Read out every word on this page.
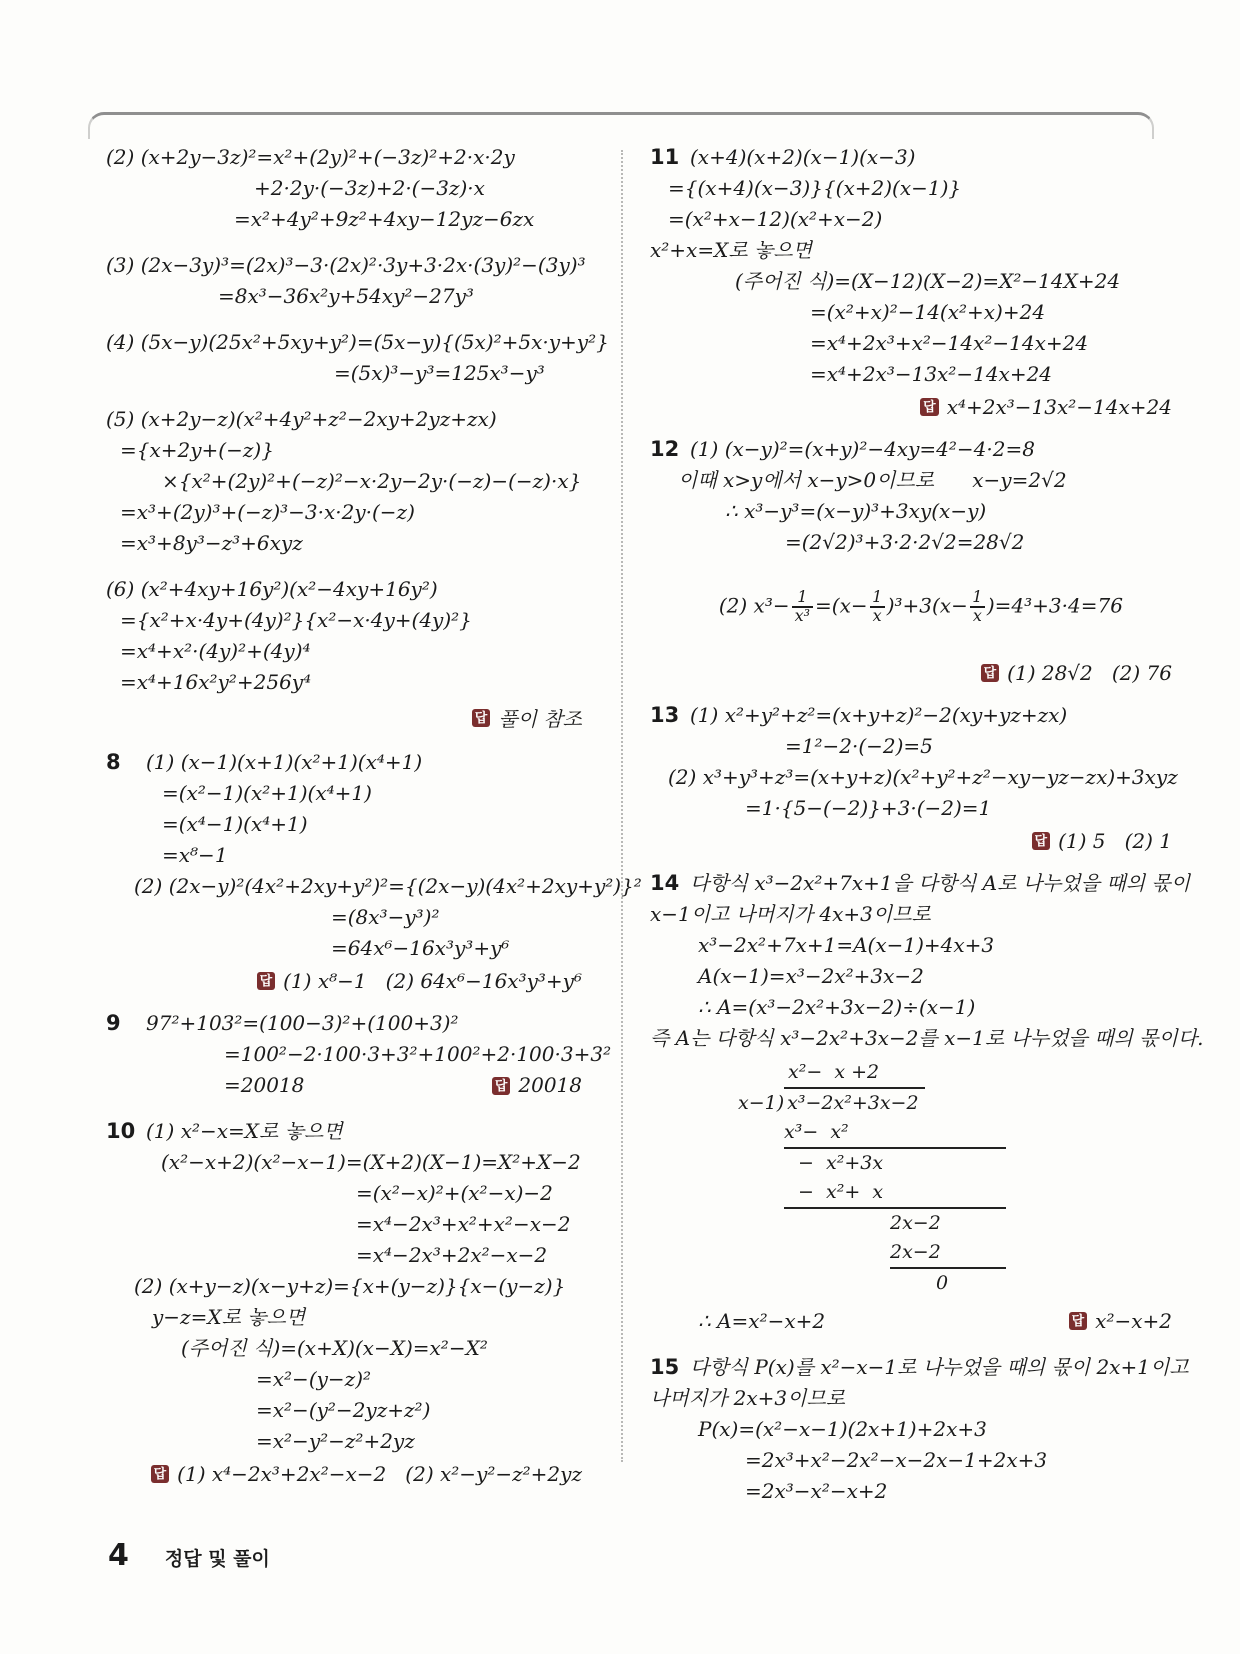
(2) (x+2y−3z)²=x²+(2y)²+(−3z)²+2·x·2y
+2·2y·(−3z)+2·(−3z)·x
=x²+4y²+9z²+4xy−12yz−6zx
(3) (2x−3y)³=(2x)³−3·(2x)²·3y+3·2x·(3y)²−(3y)³
=8x³−36x²y+54xy²−27y³
(4) (5x−y)(25x²+5xy+y²)=(5x−y){(5x)²+5x·y+y²}
=(5x)³−y³=125x³−y³
(5) (x+2y−z)(x²+4y²+z²−2xy+2yz+zx)
={x+2y+(−z)}
×{x²+(2y)²+(−z)²−x·2y−2y·(−z)−(−z)·x}
=x³+(2y)³+(−z)³−3·x·2y·(−z)
=x³+8y³−z³+6xyz
(6) (x²+4xy+16y²)(x²−4xy+16y²)
={x²+x·4y+(4y)²}{x²−x·4y+(4y)²}
=x⁴+x²·(4y)²+(4y)⁴
=x⁴+16x²y²+256y⁴
답 풀이 참조
8 (1) (x−1)(x+1)(x²+1)(x⁴+1)
=(x²−1)(x²+1)(x⁴+1)
=(x⁴−1)(x⁴+1)
=x⁸−1
(2) (2x−y)²(4x²+2xy+y²)²={(2x−y)(4x²+2xy+y²)}²
=(8x³−y³)²
=64x⁶−16x³y³+y⁶
답 (1) x⁸−1   (2) 64x⁶−16x³y³+y⁶
9 97²+103²=(100−3)²+(100+3)²
=100²−2·100·3+3²+100²+2·100·3+3²
=20018	답 20018
10 (1) x²−x=X로 놓으면
(x²−x+2)(x²−x−1)=(X+2)(X−1)=X²+X−2
=(x²−x)²+(x²−x)−2
=x⁴−2x³+x²+x²−x−2
=x⁴−2x³+2x²−x−2
(2) (x+y−z)(x−y+z)={x+(y−z)}{x−(y−z)}
y−z=X로 놓으면
(주어진 식)=(x+X)(x−X)=x²−X²
=x²−(y−z)²
=x²−(y²−2yz+z²)
=x²−y²−z²+2yz
답 (1) x⁴−2x³+2x²−x−2   (2) x²−y²−z²+2yz
11 (x+4)(x+2)(x−1)(x−3)
={(x+4)(x−3)}{(x+2)(x−1)}
=(x²+x−12)(x²+x−2)
x²+x=X로 놓으면
(주어진 식)=(X−12)(X−2)=X²−14X+24
=(x²+x)²−14(x²+x)+24
=x⁴+2x³+x²−14x²−14x+24
=x⁴+2x³−13x²−14x+24
답 x⁴+2x³−13x²−14x+24
12 (1) (x−y)²=(x+y)²−4xy=4²−4·2=8
이때 x>y에서 x−y>0이므로      x−y=2√2
∴ x³−y³=(x−y)³+3xy(x−y)
=(2√2)³+3·2·2√2=28√2

(2) $x^3- \frac{1}{\text{x³}} =(x- \frac{1}{x} )^3+3(x- \frac{1}{x} )=4^3+3\cdot 4=76$

답 (1) 28√2   (2) 76
13 (1) x²+y²+z²=(x+y+z)²−2(xy+yz+zx)
=1²−2·(−2)=5
(2) x³+y³+z³=(x+y+z)(x²+y²+z²−xy−yz−zx)+3xyz
=1·{5−(−2)}+3·(−2)=1
답 (1) 5   (2) 1
14 다항식 x³−2x²+7x+1을 다항식 A로 나누었을 때의 몫이
x−1이고 나머지가 4x+3이므로
x³−2x²+7x+1=A(x−1)+4x+3
A(x−1)=x³−2x²+3x−2
∴ A=(x³−2x²+3x−2)÷(x−1)
즉 A는 다항식 x³−2x²+3x−2를 x−1로 나누었을 때의 몫이다.
x²−  x +2
x−1) x³−2x²+3x−2
x³−  x²
−  x²+3x
−  x²+  x
2x−2
2x−2
0
∴ A=x²−x+2	답 x²−x+2
15 다항식 P(x)를 x²−x−1로 나누었을 때의 몫이 2x+1이고
나머지가 2x+3이므로
P(x)=(x²−x−1)(2x+1)+2x+3
=2x³+x²−2x²−x−2x−1+2x+3
=2x³−x²−x+2
4 정답 및 풀이
